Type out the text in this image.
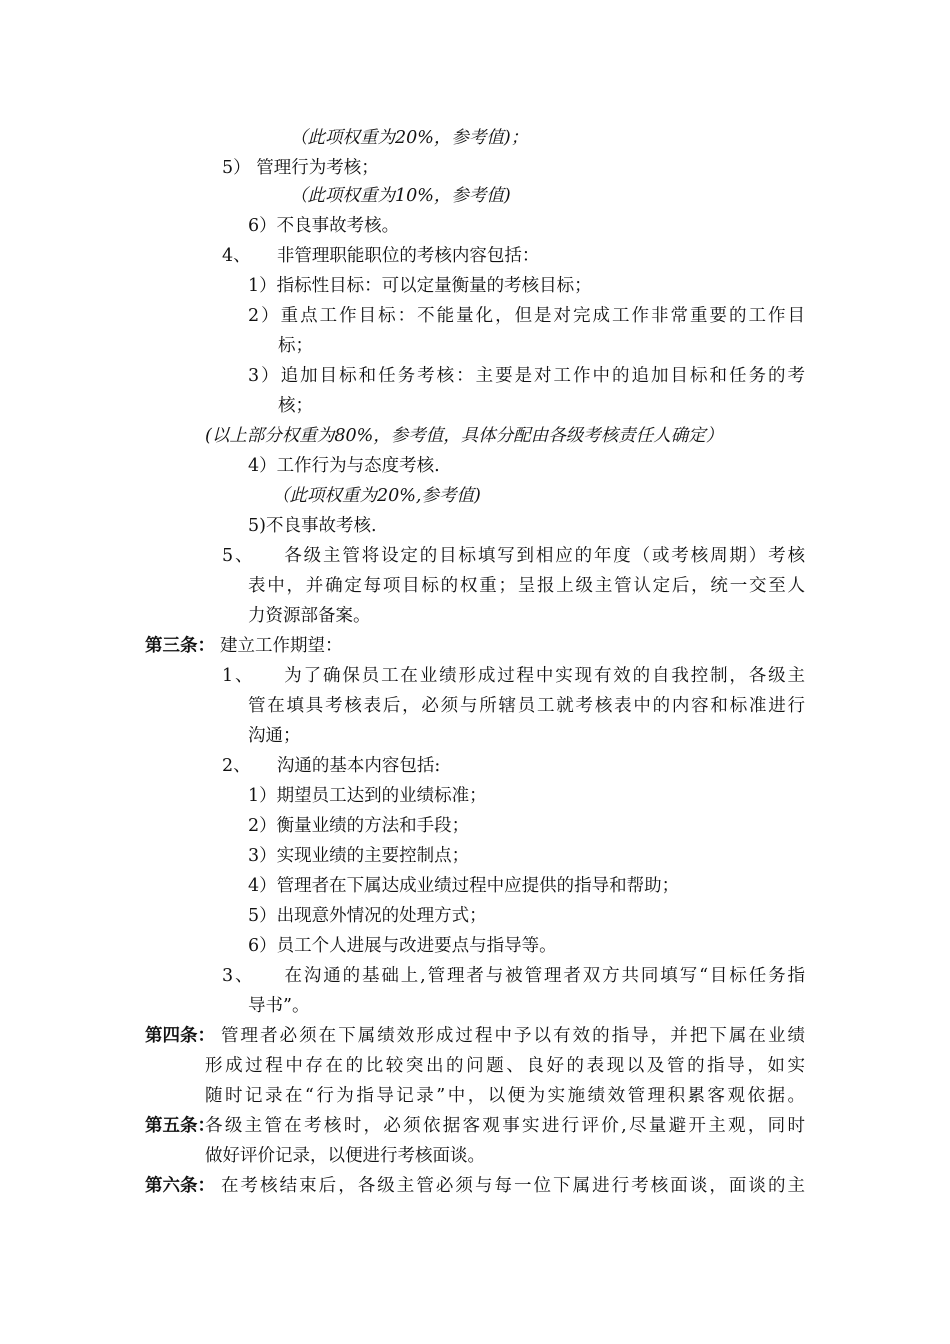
（此项权重为20%，参考值)；
5） 管理行为考核；
（此项权重为10%，参考值)
6）不良事故考核。
4、　　非管理职能职位的考核内容包括：
1）指标性目标：可以定量衡量的考核目标；
2）重点工作目标：不能量化，但是对完成工作非常重要的工作目
标；
3）追加目标和任务考核：主要是对工作中的追加目标和任务的考
核；
(以上部分权重为80%，参考值，具体分配由各级考核责任人确定）
4）工作行为与态度考核.
（此项权重为20%,参考值)
5)不良事故考核.
5、　　各级主管将设定的目标填写到相应的年度（或考核周期）考核
表中，并确定每项目标的权重；呈报上级主管认定后，统一交至人
力资源部备案。
第三条： 建立工作期望：
1、　　为了确保员工在业绩形成过程中实现有效的自我控制，各级主
管在填具考核表后，必须与所辖员工就考核表中的内容和标准进行
沟通；
2、　　沟通的基本内容包括:
1）期望员工达到的业绩标准；
2）衡量业绩的方法和手段；
3）实现业绩的主要控制点；
4）管理者在下属达成业绩过程中应提供的指导和帮助；
5）出现意外情况的处理方式；
6）员工个人进展与改进要点与指导等。
3、　　在沟通的基础上,管理者与被管理者双方共同填写“目标任务指
导书”。
第四条： 管理者必须在下属绩效形成过程中予以有效的指导，并把下属在业绩
形成过程中存在的比较突出的问题、良好的表现以及管的指导，如实
随时记录在“行为指导记录”中，以便为实施绩效管理积累客观依据。
第五条：
各级主管在考核时，必须依据客观事实进行评价,尽量避开主观，同时
做好评价记录，以便进行考核面谈。
第六条： 在考核结束后，各级主管必须与每一位下属进行考核面谈，面谈的主
